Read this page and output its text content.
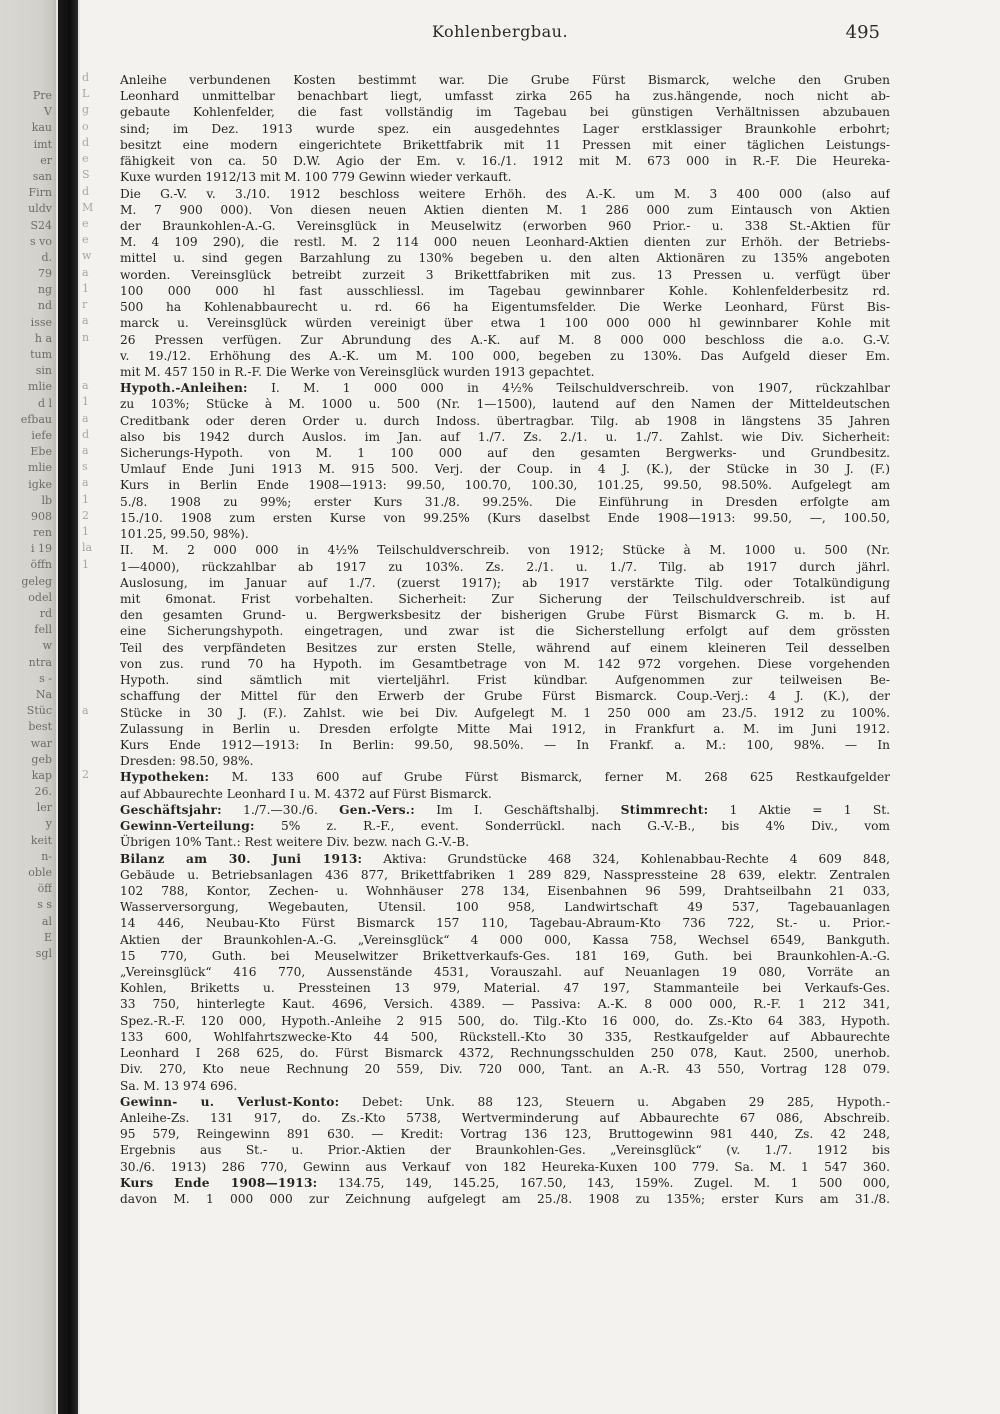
Pre
V
kau
imt
er
san
Firn
uldv
S24
s vo
d.
79
ng
nd
isse
h a
tum
sin
mlie
d l
efbau
iefe
Ebe
mlie
igke
lb
908
ren
i 19
öffn
geleg
odel
rd
fell
w
ntra
s -
Na
Stüc
best
war
geb
kap
26.
ler
y
keit
n-
oble
öff
s s
al
E
sgl
d
L
g
o
d
e
S
d
M
e
e
w
a
1
r
a
n
a
1
a
d
a
s
a
1
2
1
la
1
a
2
Kohlenbergbau.	495
Anleihe verbundenen Kosten bestimmt war. Die Grube Fürst Bismarck, welche den Gruben
Leonhard unmittelbar benachbart liegt, umfasst zirka 265 ha zus.hängende, noch nicht ab-
gebaute Kohlenfelder, die fast vollständig im Tagebau bei günstigen Verhältnissen abzubauen
sind; im Dez. 1913 wurde spez. ein ausgedehntes Lager erstklassiger Braunkohle erbohrt;
besitzt eine modern eingerichtete Brikettfabrik mit 11 Pressen mit einer täglichen Leistungs-
fähigkeit von ca. 50 D.W. Agio der Em. v. 16./1. 1912 mit M. 673 000 in R.-F. Die Heureka-
Kuxe wurden 1912/13 mit M. 100 779 Gewinn wieder verkauft.
Die G.-V. v. 3./10. 1912 beschloss weitere Erhöh. des A.-K. um M. 3 400 000 (also auf
M. 7 900 000). Von diesen neuen Aktien dienten M. 1 286 000 zum Eintausch von Aktien
der Braunkohlen-A.-G. Vereinsglück in Meuselwitz (erworben 960 Prior.- u. 338 St.-Aktien für
M. 4 109 290), die restl. M. 2 114 000 neuen Leonhard-Aktien dienten zur Erhöh. der Betriebs-
mittel u. sind gegen Barzahlung zu 130% begeben u. den alten Aktionären zu 135% angeboten
worden. Vereinsglück betreibt zurzeit 3 Brikettfabriken mit zus. 13 Pressen u. verfügt über
100 000 000 hl fast ausschliessl. im Tagebau gewinnbarer Kohle. Kohlenfelderbesitz rd.
500 ha Kohlenabbaurecht u. rd. 66 ha Eigentumsfelder. Die Werke Leonhard, Fürst Bis-
marck u. Vereinsglück würden vereinigt über etwa 1 100 000 000 hl gewinnbarer Kohle mit
26 Pressen verfügen. Zur Abrundung des A.-K. auf M. 8 000 000 beschloss die a.o. G.-V.
v. 19./12. Erhöhung des A.-K. um M. 100 000, begeben zu 130%. Das Aufgeld dieser Em.
mit M. 457 150 in R.-F. Die Werke von Vereinsglück wurden 1913 gepachtet.
Hypoth.-Anleihen: I. M. 1 000 000 in 4½% Teilschuldverschreib. von 1907, rückzahlbar
zu 103%; Stücke à M. 1000 u. 500 (Nr. 1—1500), lautend auf den Namen der Mitteldeutschen
Creditbank oder deren Order u. durch Indoss. übertragbar. Tilg. ab 1908 in längstens 35 Jahren
also bis 1942 durch Auslos. im Jan. auf 1./7. Zs. 2./1. u. 1./7. Zahlst. wie Div. Sicherheit:
Sicherungs-Hypoth. von M. 1 100 000 auf den gesamten Bergwerks- und Grundbesitz.
Umlauf Ende Juni 1913 M. 915 500. Verj. der Coup. in 4 J. (K.), der Stücke in 30 J. (F.)
Kurs in Berlin Ende 1908—1913: 99.50, 100.70, 100.30, 101.25, 99.50, 98.50%. Aufgelegt am
5./8. 1908 zu 99%; erster Kurs 31./8. 99.25%. Die Einführung in Dresden erfolgte am
15./10. 1908 zum ersten Kurse von 99.25% (Kurs daselbst Ende 1908—1913: 99.50, —, 100.50,
101.25, 99.50, 98%).
II. M. 2 000 000 in 4½% Teilschuldverschreib. von 1912; Stücke à M. 1000 u. 500 (Nr.
1—4000), rückzahlbar ab 1917 zu 103%. Zs. 2./1. u. 1./7. Tilg. ab 1917 durch jährl.
Auslosung, im Januar auf 1./7. (zuerst 1917); ab 1917 verstärkte Tilg. oder Totalkündigung
mit 6monat. Frist vorbehalten. Sicherheit: Zur Sicherung der Teilschuldverschreib. ist auf
den gesamten Grund- u. Bergwerksbesitz der bisherigen Grube Fürst Bismarck G. m. b. H.
eine Sicherungshypoth. eingetragen, und zwar ist die Sicherstellung erfolgt auf dem grössten
Teil des verpfändeten Besitzes zur ersten Stelle, während auf einem kleineren Teil desselben
von zus. rund 70 ha Hypoth. im Gesamtbetrage von M. 142 972 vorgehen. Diese vorgehenden
Hypoth. sind sämtlich mit vierteljährl. Frist kündbar. Aufgenommen zur teilweisen Be-
schaffung der Mittel für den Erwerb der Grube Fürst Bismarck. Coup.-Verj.: 4 J. (K.), der
Stücke in 30 J. (F.). Zahlst. wie bei Div. Aufgelegt M. 1 250 000 am 23./5. 1912 zu 100%.
Zulassung in Berlin u. Dresden erfolgte Mitte Mai 1912, in Frankfurt a. M. im Juni 1912.
Kurs Ende 1912—1913: In Berlin: 99.50, 98.50%. — In Frankf. a. M.: 100, 98%. — In
Dresden: 98.50, 98%.
Hypotheken: M. 133 600 auf Grube Fürst Bismarck, ferner M. 268 625 Restkaufgelder
auf Abbaurechte Leonhard I u. M. 4372 auf Fürst Bismarck.
Geschäftsjahr: 1./7.—30./6. Gen.-Vers.: Im I. Geschäftshalbj. Stimmrecht: 1 Aktie = 1 St.
Gewinn-Verteilung: 5% z. R.-F., event. Sonderrückl. nach G.-V.-B., bis 4% Div., vom
Übrigen 10% Tant.: Rest weitere Div. bezw. nach G.-V.-B.
Bilanz am 30. Juni 1913: Aktiva: Grundstücke 468 324, Kohlenabbau-Rechte 4 609 848,
Gebäude u. Betriebsanlagen 436 877, Brikettfabriken 1 289 829, Nasspressteine 28 639, elektr. Zentralen
102 788, Kontor, Zechen- u. Wohnhäuser 278 134, Eisenbahnen 96 599, Drahtseilbahn 21 033,
Wasserversorgung, Wegebauten, Utensil. 100 958, Landwirtschaft 49 537, Tagebauanlagen
14 446, Neubau-Kto Fürst Bismarck 157 110, Tagebau-Abraum-Kto 736 722, St.- u. Prior.-
Aktien der Braunkohlen-A.-G. „Vereinsglück“ 4 000 000, Kassa 758, Wechsel 6549, Bankguth.
15 770, Guth. bei Meuselwitzer Brikettverkaufs-Ges. 181 169, Guth. bei Braunkohlen-A.-G.
„Vereinsglück“ 416 770, Aussenstände 4531, Vorauszahl. auf Neuanlagen 19 080, Vorräte an
Kohlen, Briketts u. Pressteinen 13 979, Material. 47 197, Stammanteile bei Verkaufs-Ges.
33 750, hinterlegte Kaut. 4696, Versich. 4389. — Passiva: A.-K. 8 000 000, R.-F. 1 212 341,
Spez.-R.-F. 120 000, Hypoth.-Anleihe 2 915 500, do. Tilg.-Kto 16 000, do. Zs.-Kto 64 383, Hypoth.
133 600, Wohlfahrtszwecke-Kto 44 500, Rückstell.-Kto 30 335, Restkaufgelder auf Abbaurechte
Leonhard I 268 625, do. Fürst Bismarck 4372, Rechnungsschulden 250 078, Kaut. 2500, unerhob.
Div. 270, Kto neue Rechnung 20 559, Div. 720 000, Tant. an A.-R. 43 550, Vortrag 128 079.
Sa. M. 13 974 696.
Gewinn- u. Verlust-Konto: Debet: Unk. 88 123, Steuern u. Abgaben 29 285, Hypoth.-
Anleihe-Zs. 131 917, do. Zs.-Kto 5738, Wertverminderung auf Abbaurechte 67 086, Abschreib.
95 579, Reingewinn 891 630. — Kredit: Vortrag 136 123, Bruttogewinn 981 440, Zs. 42 248,
Ergebnis aus St.- u. Prior.-Aktien der Braunkohlen-Ges. „Vereinsglück“ (v. 1./7. 1912 bis
30./6. 1913) 286 770, Gewinn aus Verkauf von 182 Heureka-Kuxen 100 779. Sa. M. 1 547 360.
Kurs Ende 1908—1913: 134.75, 149, 145.25, 167.50, 143, 159%. Zugel. M. 1 500 000,
davon M. 1 000 000 zur Zeichnung aufgelegt am 25./8. 1908 zu 135%; erster Kurs am 31./8.
